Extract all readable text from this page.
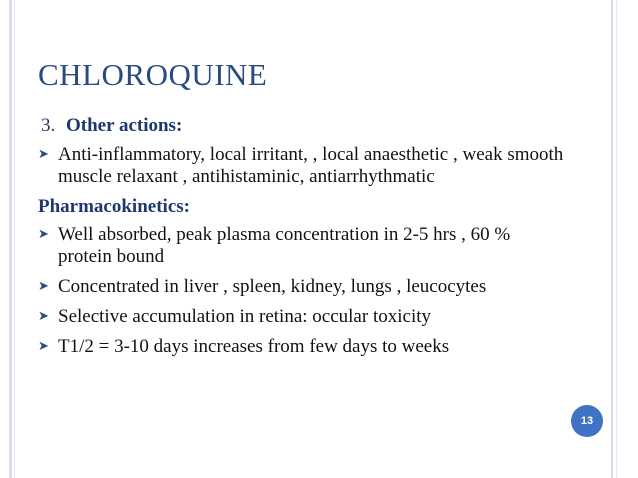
CHLOROQUINE
3. Other actions:
➤ Anti-inflammatory, local irritant, , local anaesthetic , weak smooth muscle relaxant , antihistaminic, antiarrhythmatic
Pharmacokinetics:
➤ Well absorbed, peak plasma concentration in 2-5 hrs , 60 % protein bound
➤ Concentrated in liver , spleen, kidney, lungs , leucocytes
➤ Selective accumulation in retina: occular toxicity
➤ T1/2 = 3-10 days increases from few days to weeks
13
